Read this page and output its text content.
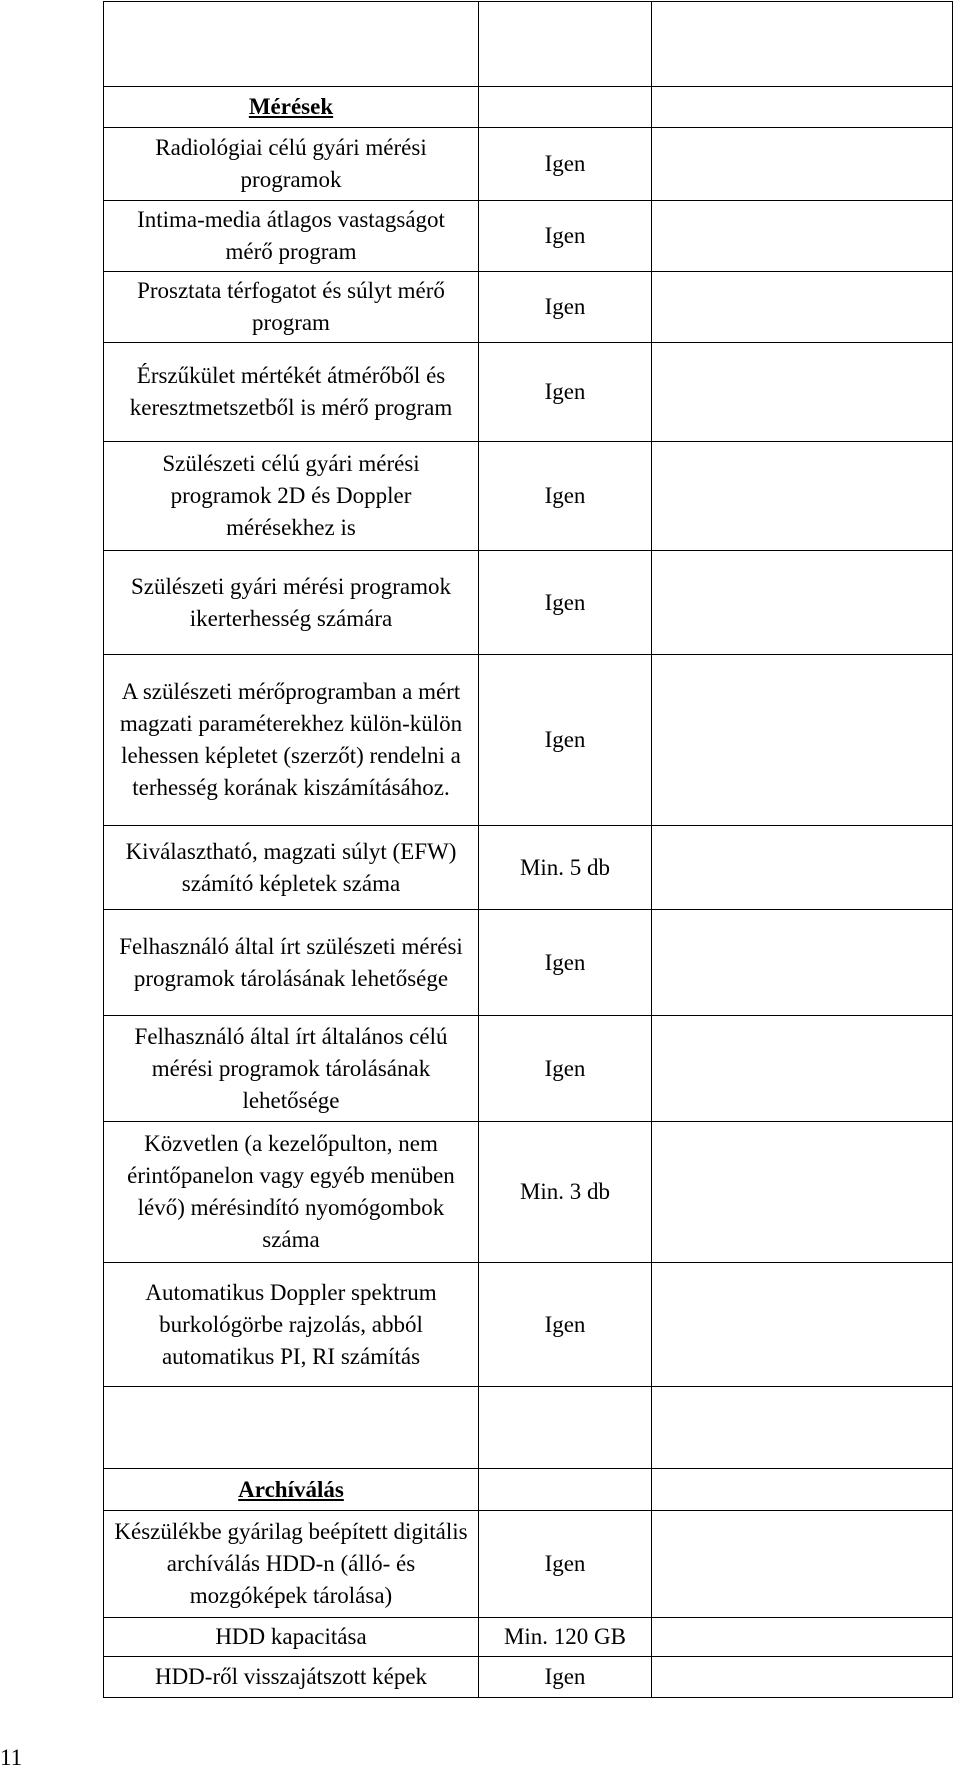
Mérések		
Radiológiai célú gyári mérési programok	Igen	
Intima-media átlagos vastagságot mérő program	Igen	
Prosztata térfogatot és súlyt mérő program	Igen	
Érszűkület mértékét átmérőből és keresztmetszetből is mérő program	Igen	
Szülészeti célú gyári mérési programok 2D és Doppler mérésekhez is	Igen	
Szülészeti gyári mérési programok ikerterhesség számára	Igen	
A szülészeti mérőprogramban a mért magzati paraméterekhez külön-külön lehessen képletet (szerzőt) rendelni a terhesség korának kiszámításához.	Igen	
Kiválasztható, magzati súlyt (EFW) számító képletek száma	Min. 5 db	
Felhasználó által írt szülészeti mérési programok tárolásának lehetősége	Igen	
Felhasználó által írt általános célú mérési programok tárolásának lehetősége	Igen	
Közvetlen (a kezelőpulton, nem érintőpanelon vagy egyéb menüben lévő) mérésindító nyomógombok száma	Min. 3 db	
Automatikus Doppler spektrum burkológörbe rajzolás, abból automatikus PI, RI számítás	Igen	

Archíválás		
Készülékbe gyárilag beépített digitális archíválás HDD-n (álló- és mozgóképek tárolása)	Igen	
HDD kapacitása	Min. 120 GB	
HDD-ről visszajátszott képek	Igen	
11
